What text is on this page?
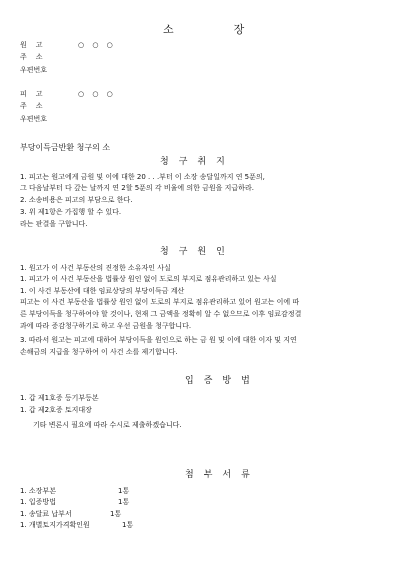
소장
원고	○ ○ ○
주소
우편번호
피고	○ ○ ○
주소
우편번호
부당이득금반환 청구의 소
청구취지
1. 피고는 원고에게 금원 및 이에 대한 20 . . .부터 이 소장 송달일까지 연 5푼의,
그 다음날부터 다 갚는 날까지 연 2할 5푼의 각 비율에 의한 금원을 지급하라.
2. 소송비용은 피고의 부담으로 한다.
3. 위 제1항은 가집행 할 수 있다.
라는 판결을 구합니다.
청구원인
1. 원고가 이 사건 부동산의 진정한 소유자인 사실
1. 피고가 이 사건 부동산을 법률상 원인 없이 도로의 부지로 점유관리하고 있는 사실
1. 이 사건 부동산에 대한 임료상당의 부당이득금 계산
피고는 이 사건 부동산을 법률상 원인 없이 도로의 부지로 점유관리하고 있어 원고는 이에 따
른 부당이득을 청구하여야 할 것이나, 현재 그 금액을 정확히 알 수 없으므로 이후 임료감정결
과에 따라 증감청구하기로 하고 우선 금원을 청구합니다.
3. 따라서 원고는 피고에 대하여 부당이득을 원인으로 하는 금 원 및 이에 대한 이자 및 지연
손해금의 지급을 청구하여 이 사건 소를 제기합니다.
입증방법
1. 갑 제1호증 등기부등본
1. 갑 제2호증 토지대장
기타 변론시 필요에 따라 수시로 제출하겠습니다.
첨부서류
1. 소장부본	1통
1. 입증방법	1통
1. 송달료 납부서	1통
1. 개별토지가격확인원	1통
